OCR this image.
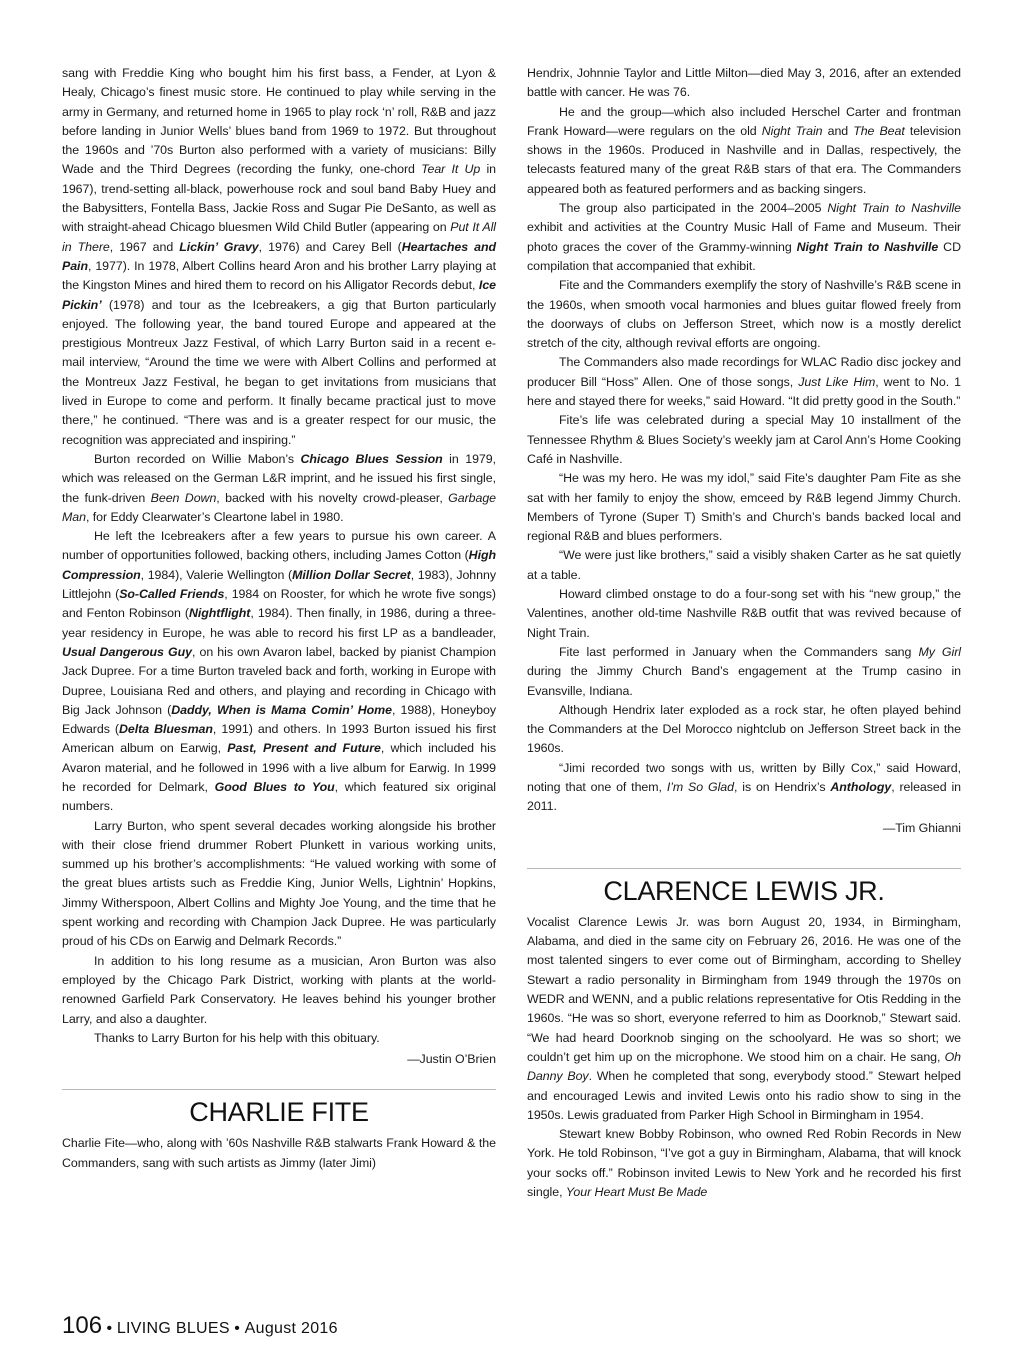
sang with Freddie King who bought him his first bass, a Fender, at Lyon & Healy, Chicago’s finest music store. He continued to play while serving in the army in Germany, and returned home in 1965 to play rock ‘n’ roll, R&B and jazz before landing in Junior Wells’ blues band from 1969 to 1972. But throughout the 1960s and ’70s Burton also performed with a variety of musicians: Billy Wade and the Third Degrees (recording the funky, one-chord Tear It Up in 1967), trend-setting all-black, powerhouse rock and soul band Baby Huey and the Babysitters, Fontella Bass, Jackie Ross and Sugar Pie DeSanto, as well as with straight-ahead Chicago bluesmen Wild Child Butler (appearing on Put It All in There, 1967 and Lickin’ Gravy, 1976) and Carey Bell (Heartaches and Pain, 1977). In 1978, Albert Collins heard Aron and his brother Larry playing at the Kingston Mines and hired them to record on his Alligator Records debut, Ice Pickin’ (1978) and tour as the Icebreakers, a gig that Burton particularly enjoyed. The following year, the band toured Europe and appeared at the prestigious Montreux Jazz Festival, of which Larry Burton said in a recent e-mail interview, “Around the time we were with Albert Collins and performed at the Montreux Jazz Festival, he began to get invitations from musicians that lived in Europe to come and perform. It finally became practical just to move there,” he continued. “There was and is a greater respect for our music, the recognition was appreciated and inspiring.”

Burton recorded on Willie Mabon’s Chicago Blues Session in 1979, which was released on the German L&R imprint, and he issued his first single, the funk-driven Been Down, backed with his novelty crowd-pleaser, Garbage Man, for Eddy Clearwater’s Cleartone label in 1980.

He left the Icebreakers after a few years to pursue his own career. A number of opportunities followed, backing others, including James Cotton (High Compression, 1984), Valerie Wellington (Million Dollar Secret, 1983), Johnny Littlejohn (So-Called Friends, 1984 on Rooster, for which he wrote five songs) and Fenton Robinson (Nightflight, 1984). Then finally, in 1986, during a three-year residency in Europe, he was able to record his first LP as a bandleader, Usual Dangerous Guy, on his own Avaron label, backed by pianist Champion Jack Dupree. For a time Burton traveled back and forth, working in Europe with Dupree, Louisiana Red and others, and playing and recording in Chicago with Big Jack Johnson (Daddy, When is Mama Comin’ Home, 1988), Honeyboy Edwards (Delta Bluesman, 1991) and others. In 1993 Burton issued his first American album on Earwig, Past, Present and Future, which included his Avaron material, and he followed in 1996 with a live album for Earwig. In 1999 he recorded for Delmark, Good Blues to You, which featured six original numbers.

Larry Burton, who spent several decades working alongside his brother with their close friend drummer Robert Plunkett in various working units, summed up his brother’s accomplishments: “He valued working with some of the great blues artists such as Freddie King, Junior Wells, Lightnin’ Hopkins, Jimmy Witherspoon, Albert Collins and Mighty Joe Young, and the time that he spent working and recording with Champion Jack Dupree. He was particularly proud of his CDs on Earwig and Delmark Records.”

In addition to his long resume as a musician, Aron Burton was also employed by the Chicago Park District, working with plants at the world-renowned Garfield Park Conservatory. He leaves behind his younger brother Larry, and also a daughter.

Thanks to Larry Burton for his help with this obituary.

—Justin O’Brien

CHARLIE FITE

Charlie Fite—who, along with ’60s Nashville R&B stalwarts Frank Howard & the Commanders, sang with such artists as Jimmy (later Jimi)

Hendrix, Johnnie Taylor and Little Milton—died May 3, 2016, after an extended battle with cancer. He was 76.

He and the group—which also included Herschel Carter and frontman Frank Howard—were regulars on the old Night Train and The Beat television shows in the 1960s. Produced in Nashville and in Dallas, respectively, the telecasts featured many of the great R&B stars of that era. The Commanders appeared both as featured performers and as backing singers.

The group also participated in the 2004–2005 Night Train to Nashville exhibit and activities at the Country Music Hall of Fame and Museum. Their photo graces the cover of the Grammy-winning Night Train to Nashville CD compilation that accompanied that exhibit.

Fite and the Commanders exemplify the story of Nashville’s R&B scene in the 1960s, when smooth vocal harmonies and blues guitar flowed freely from the doorways of clubs on Jefferson Street, which now is a mostly derelict stretch of the city, although revival efforts are ongoing.

The Commanders also made recordings for WLAC Radio disc jockey and producer Bill “Hoss” Allen. One of those songs, Just Like Him, went to No. 1 here and stayed there for weeks,” said Howard. “It did pretty good in the South.”

Fite’s life was celebrated during a special May 10 installment of the Tennessee Rhythm & Blues Society’s weekly jam at Carol Ann’s Home Cooking Café in Nashville.

“He was my hero. He was my idol,” said Fite’s daughter Pam Fite as she sat with her family to enjoy the show, emceed by R&B legend Jimmy Church. Members of Tyrone (Super T) Smith’s and Church’s bands backed local and regional R&B and blues performers.

“We were just like brothers,” said a visibly shaken Carter as he sat quietly at a table.

Howard climbed onstage to do a four-song set with his “new group,” the Valentines, another old-time Nashville R&B outfit that was revived because of Night Train.

Fite last performed in January when the Commanders sang My Girl during the Jimmy Church Band’s engagement at the Trump casino in Evansville, Indiana.

Although Hendrix later exploded as a rock star, he often played behind the Commanders at the Del Morocco nightclub on Jefferson Street back in the 1960s.

“Jimi recorded two songs with us, written by Billy Cox,” said Howard, noting that one of them, I’m So Glad, is on Hendrix’s Anthology, released in 2011.

—Tim Ghianni

CLARENCE LEWIS JR.

Vocalist Clarence Lewis Jr. was born August 20, 1934, in Birmingham, Alabama, and died in the same city on February 26, 2016. He was one of the most talented singers to ever come out of Birmingham, according to Shelley Stewart a radio personality in Birmingham from 1949 through the 1970s on WEDR and WENN, and a public relations representative for Otis Redding in the 1960s. “He was so short, everyone referred to him as Doorknob,” Stewart said. “We had heard Doorknob singing on the schoolyard. He was so short; we couldn’t get him up on the microphone. We stood him on a chair. He sang, Oh Danny Boy. When he completed that song, everybody stood.” Stewart helped and encouraged Lewis and invited Lewis onto his radio show to sing in the 1950s. Lewis graduated from Parker High School in Birmingham in 1954.

Stewart knew Bobby Robinson, who owned Red Robin Records in New York. He told Robinson, “I’ve got a guy in Birmingham, Alabama, that will knock your socks off.” Robinson invited Lewis to New York and he recorded his first single, Your Heart Must Be Made

106 • LIVING BLUES • August 2016
